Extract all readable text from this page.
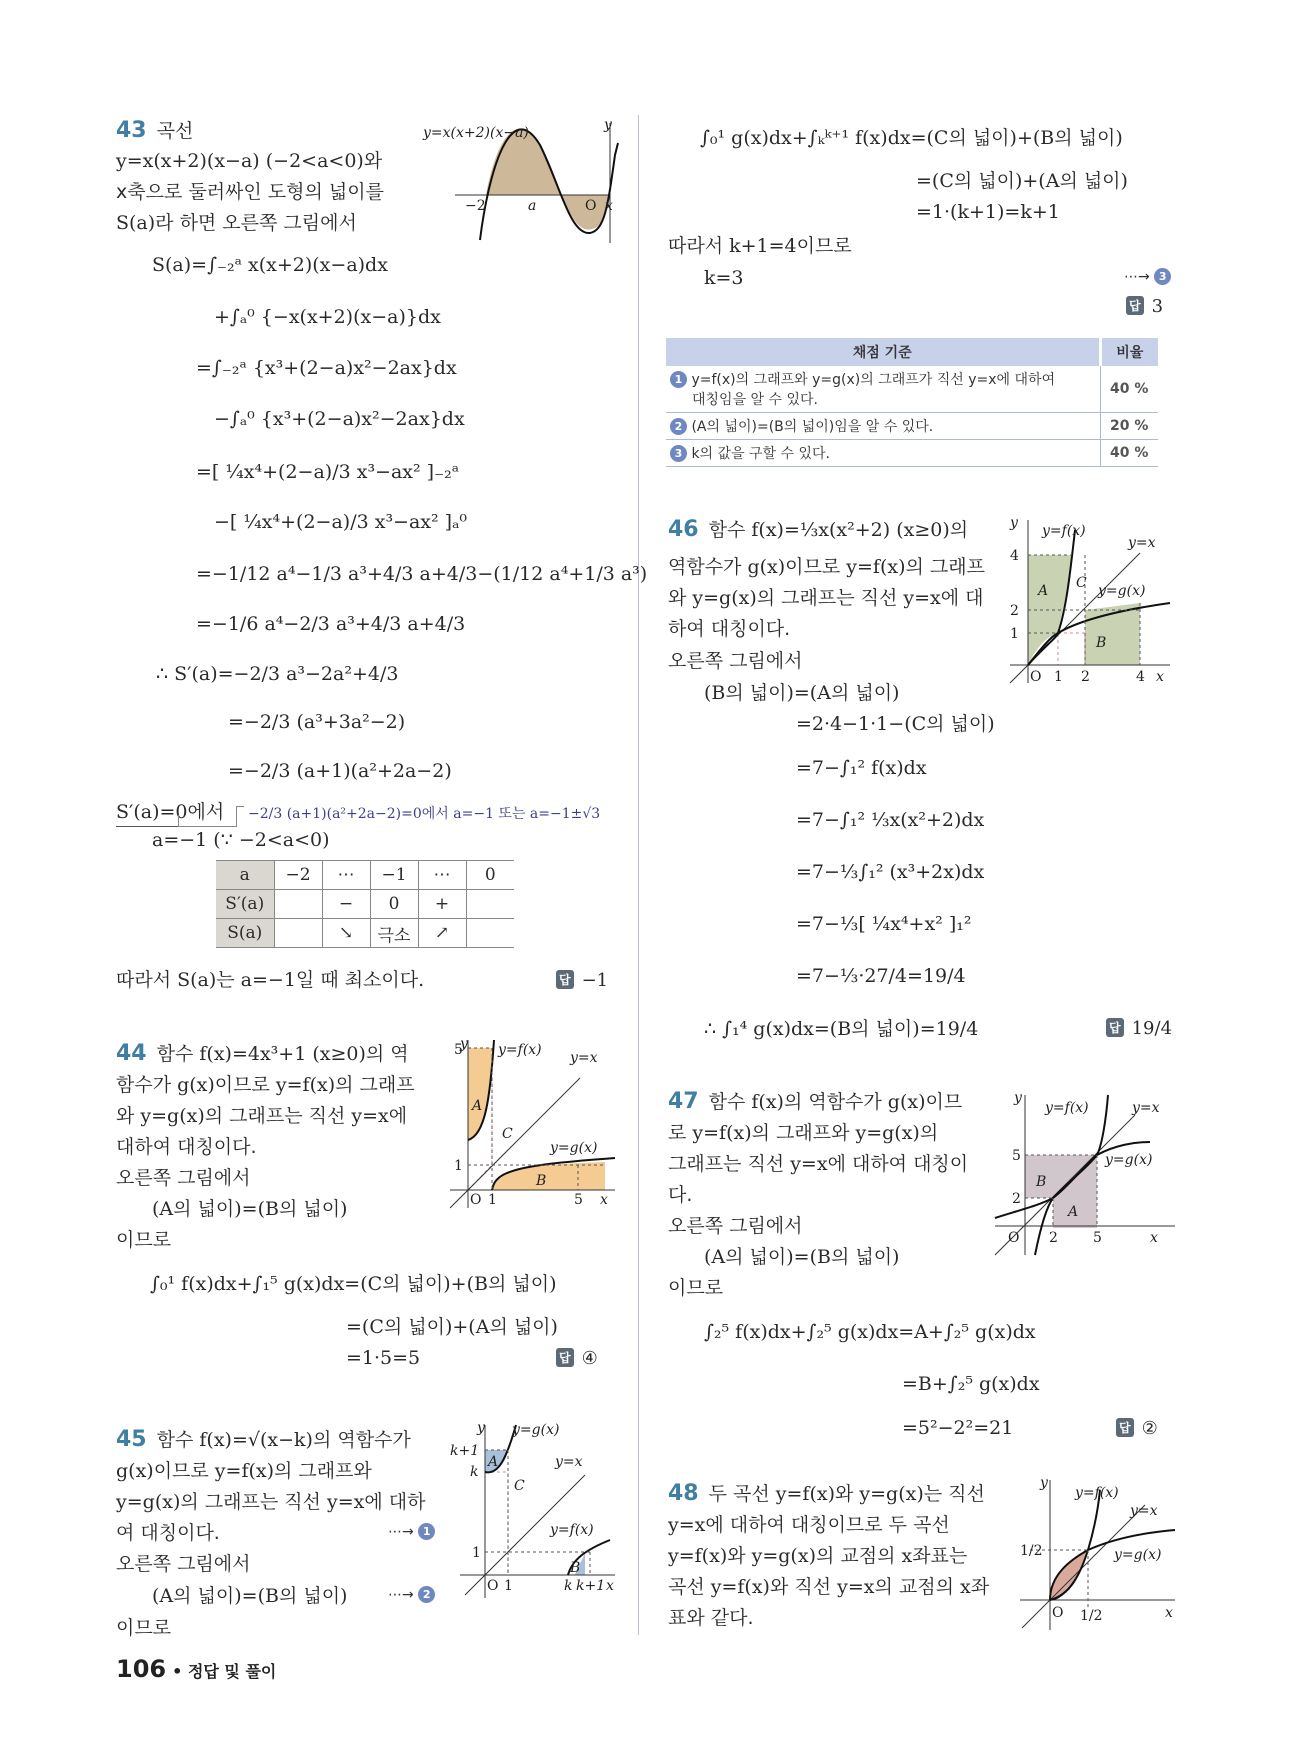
43 곡선
y=x(x+2)(x−a) (−2<a<0)와
x축으로 둘러싸인 도형의 넓이를
S(a)라 하면 오른쪽 그림에서
S(a)=∫₋₂ᵃ x(x+2)(x−a)dx
+∫ₐ⁰ {−x(x+2)(x−a)}dx
=∫₋₂ᵃ {x³+(2−a)x²−2ax}dx
−∫ₐ⁰ {x³+(2−a)x²−2ax}dx
=[ ¼x⁴+(2−a)/3 x³−ax² ]₋₂ᵃ
−[ ¼x⁴+(2−a)/3 x³−ax² ]ₐ⁰
=−1/12 a⁴−1/3 a³+4/3 a+4/3−(1/12 a⁴+1/3 a³)
=−1/6 a⁴−2/3 a³+4/3 a+4/3
∴ S′(a)=−2/3 a³−2a²+4/3
=−2/3 (a³+3a²−2)
=−2/3 (a+1)(a²+2a−2)
S′(a)=0에서 −2/3 (a+1)(a²+2a−2)=0에서 a=−1 또는 a=−1±√3
a=−1 (∵ −2<a<0)
a	−2	⋯	−1	⋯	0
S′(a)		−	0	+	
S(a)		↘	극소	↗	
따라서 S(a)는 a=−1일 때 최소이다.	답 −1
y=x(x+2)(x−a)	y
−2	a	O x
44 함수 f(x)=4x³+1 (x≥0)의 역
함수가 g(x)이므로 y=f(x)의 그래프
와 y=g(x)의 그래프는 직선 y=x에
대하여 대칭이다.
오른쪽 그림에서
(A의 넓이)=(B의 넓이)
이므로
∫₀¹ f(x)dx+∫₁⁵ g(x)dx=(C의 넓이)+(B의 넓이)
=(C의 넓이)+(A의 넓이)
=1·5=5	답 ④
y=f(x) y=x
y=g(x)
A
B
C
y
5
1
O 1	5 x
45 함수 f(x)=√(x−k)의 역함수가
g(x)이므로 y=f(x)의 그래프와
y=g(x)의 그래프는 직선 y=x에 대하
여 대칭이다.	⋯→ 1
오른쪽 그림에서
(A의 넓이)=(B의 넓이)	⋯→ 2
이므로
∫₀¹ g(x)dx+∫ₖᵏ⁺¹ f(x)dx=(C의 넓이)+(B의 넓이)
=(C의 넓이)+(A의 넓이)
=1·(k+1)=k+1
따라서 k+1=4이므로
k=3	⋯→ 3
답 3
y=g(x)
y=x
y=f(x)
A
B
C
y
k+1
k
1
O 1	k k+1 x
채점 기준	비율
1 y=f(x)의 그래프와 y=g(x)의 그래프가 직선 y=x에 대하여
대칭임을 알 수 있다.	40 %
2 (A의 넓이)=(B의 넓이)임을 알 수 있다.	20 %
3 k의 값을 구할 수 있다.	40 %
46 함수 f(x)=⅓x(x²+2) (x≥0)의
역함수가 g(x)이므로 y=f(x)의 그래프
와 y=g(x)의 그래프는 직선 y=x에 대
하여 대칭이다.
오른쪽 그림에서
(B의 넓이)=(A의 넓이)
=2·4−1·1−(C의 넓이)
=7−∫₁² f(x)dx
=7−∫₁² ⅓x(x²+2)dx
=7−⅓∫₁² (x³+2x)dx
=7−⅓[ ¼x⁴+x² ]₁²
=7−⅓·27/4=19/4
∴ ∫₁⁴ g(x)dx=(B의 넓이)=19/4	답 19/4
y=f(x)
y=x
y=g(x)
A
B
C
y
4
2
1
O 1 2	4 x
47 함수 f(x)의 역함수가 g(x)이므
로 y=f(x)의 그래프와 y=g(x)의
그래프는 직선 y=x에 대하여 대칭이
다.
오른쪽 그림에서
(A의 넓이)=(B의 넓이)
이므로
∫₂⁵ f(x)dx+∫₂⁵ g(x)dx=A+∫₂⁵ g(x)dx
=B+∫₂⁵ g(x)dx
=5²−2²=21	답 ②
y=f(x)	y=x
y=g(x)
A
B
y
5
2
O 2	5	x
48 두 곡선 y=f(x)와 y=g(x)는 직선
y=x에 대하여 대칭이므로 두 곡선
y=f(x)와 y=g(x)의 교점의 x좌표는
곡선 y=f(x)와 직선 y=x의 교점의 x좌
표와 같다.
y=f(x)
y=x
y=g(x)
y
1/2
O 1/2	x
106 • 정답 및 풀이
